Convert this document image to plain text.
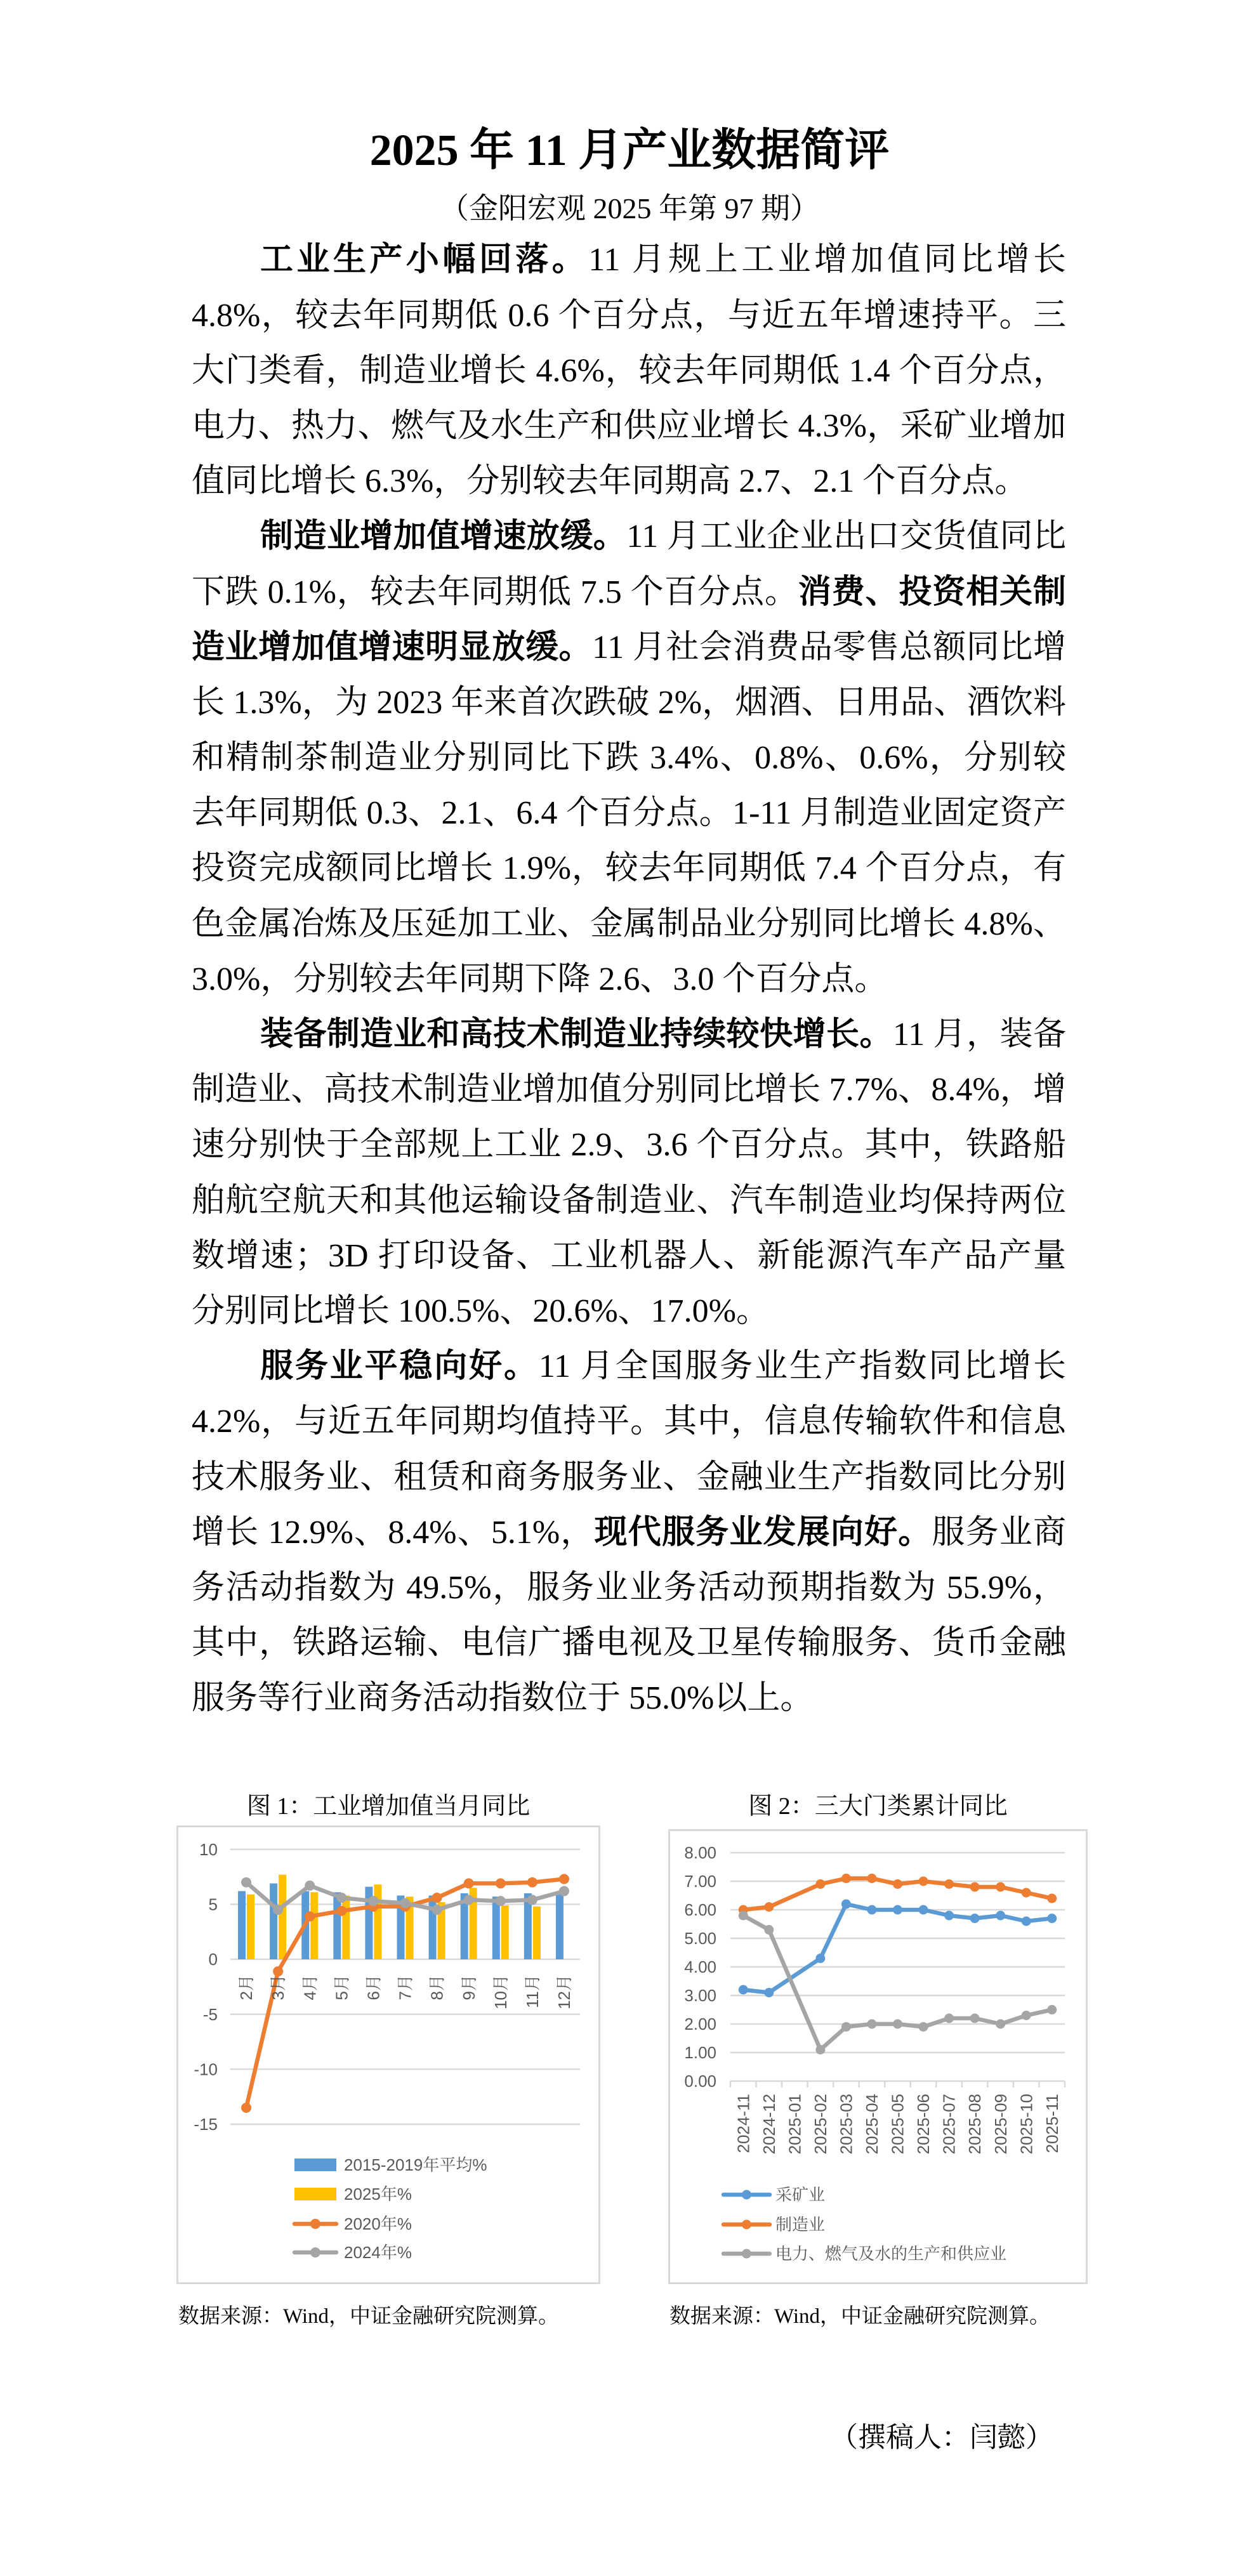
2025 年 11 月产业数据简评
（金阳宏观 2025 年第 97 期）
工业生产小幅回落。11 月规上工业增加值同比增长
4.8%，较去年同期低 0.6 个百分点，与近五年增速持平。三
大门类看，制造业增长 4.6%，较去年同期低 1.4 个百分点，
电力、热力、燃气及水生产和供应业增长 4.3%，采矿业增加
值同比增长 6.3%，分别较去年同期高 2.7、2.1 个百分点。
制造业增加值增速放缓。11 月工业企业出口交货值同比
下跌 0.1%，较去年同期低 7.5 个百分点。消费、投资相关制
造业增加值增速明显放缓。11 月社会消费品零售总额同比增
长 1.3%，为 2023 年来首次跌破 2%，烟酒、日用品、酒饮料
和精制茶制造业分别同比下跌 3.4%、0.8%、0.6%，分别较
去年同期低 0.3、2.1、6.4 个百分点。1-11 月制造业固定资产
投资完成额同比增长 1.9%，较去年同期低 7.4 个百分点，有
色金属冶炼及压延加工业、金属制品业分别同比增长 4.8%、
3.0%，分别较去年同期下降 2.6、3.0 个百分点。
装备制造业和高技术制造业持续较快增长。11 月，装备
制造业、高技术制造业增加值分别同比增长 7.7%、8.4%，增
速分别快于全部规上工业 2.9、3.6 个百分点。其中，铁路船
舶航空航天和其他运输设备制造业、汽车制造业均保持两位
数增速；3D 打印设备、工业机器人、新能源汽车产品产量
分别同比增长 100.5%、20.6%、17.0%。
服务业平稳向好。11 月全国服务业生产指数同比增长
4.2%，与近五年同期均值持平。其中，信息传输软件和信息
技术服务业、租赁和商务服务业、金融业生产指数同比分别
增长 12.9%、8.4%、5.1%，现代服务业发展向好。服务业商
务活动指数为 49.5%，服务业业务活动预期指数为 55.9%，
其中，铁路运输、电信广播电视及卫星传输服务、货币金融
服务等行业商务活动指数位于 55.0%以上。
图 1：工业增加值当月同比
10
5
0
-5
-10
-15
2月 3月 4月 5月 6月 7月 8月 9月 10月 11月 12月
2015-2019年平均%
2025年%
2020年%
2024年%
数据来源：Wind，中证金融研究院测算。
图 2：三大门类累计同比
8.00
7.00
6.00
5.00
4.00
3.00
2.00
1.00
0.00
2024-11 2024-12 2025-01 2025-02 2025-03 2025-04 2025-05 2025-06 2025-07 2025-08 2025-09 2025-10 2025-11
采矿业
制造业
电力、燃气及水的生产和供应业
数据来源：Wind，中证金融研究院测算。
（撰稿人：闫懿）
